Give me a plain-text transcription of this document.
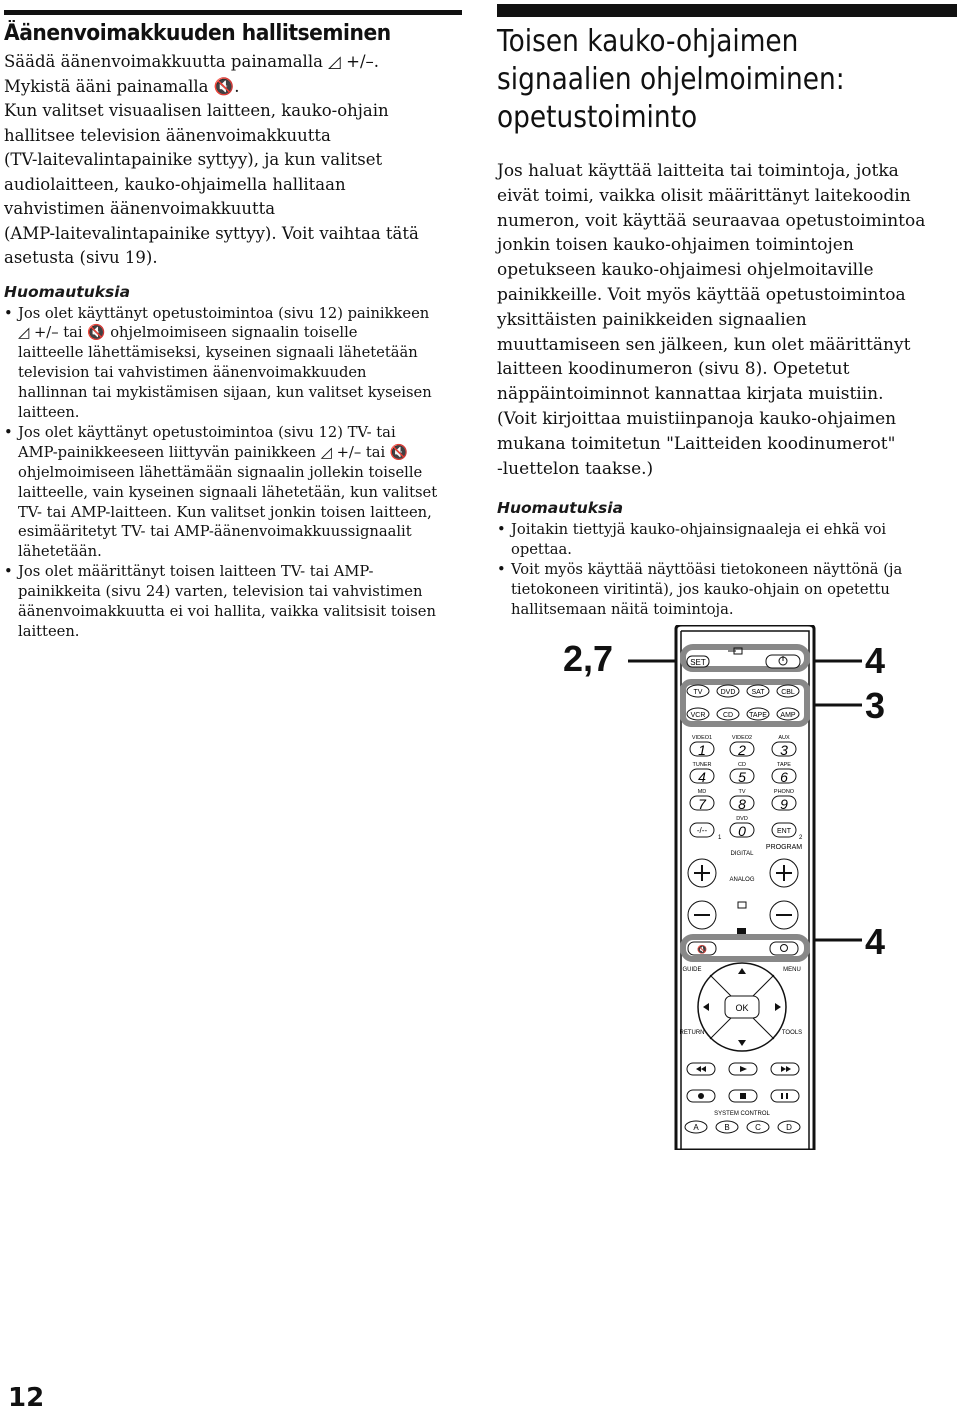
Äänenvoimakkuuden hallitseminen
Säädä äänenvoimakkuutta painamalla ◿ +/–.
Mykistä ääni painamalla 🔇.
Kun valitset visuaalisen laitteen, kauko-ohjain
hallitsee television äänenvoimakkuutta
(TV-laitevalintapainike syttyy), ja kun valitset
audiolaitteen, kauko-ohjaimella hallitaan
vahvistimen äänenvoimakkuutta
(AMP-laitevalintapainike syttyy). Voit vaihtaa tätä
asetusta (sivu 19).
Huomautuksia
• Jos olet käyttänyt opetustoimintoa (sivu 12) painikkeen
◿ +/– tai 🔇 ohjelmoimiseen signaalin toiselle
laitteelle lähettämiseksi, kyseinen signaali lähetetään
television tai vahvistimen äänenvoimakkuuden
hallinnan tai mykistämisen sijaan, kun valitset kyseisen
laitteen.
• Jos olet käyttänyt opetustoimintoa (sivu 12) TV- tai
AMP-painikkeeseen liittyvän painikkeen ◿ +/– tai 🔇
ohjelmoimiseen lähettämään signaalin jollekin toiselle
laitteelle, vain kyseinen signaali lähetetään, kun valitset
TV- tai AMP-laitteen. Kun valitset jonkin toisen laitteen,
esimääritetyt TV- tai AMP-äänenvoimakkuussignaalit
lähetetään.
• Jos olet määrittänyt toisen laitteen TV- tai AMP-
painikkeita (sivu 24) varten, television tai vahvistimen
äänenvoimakkuutta ei voi hallita, vaikka valitsisit toisen
laitteen.
Toisen kauko-ohjaimen
signaalien ohjelmoiminen:
opetustoiminto
Jos haluat käyttää laitteita tai toimintoja, jotka
eivät toimi, vaikka olisit määrittänyt laitekoodin
numeron, voit käyttää seuraavaa opetustoimintoa
jonkin toisen kauko-ohjaimen toimintojen
opetukseen kauko-ohjaimesi ohjelmoitaville
painikkeille. Voit myös käyttää opetustoimintoa
yksittäisten painikkeiden signaalien
muuttamiseen sen jälkeen, kun olet määrittänyt
laitteen koodinumeron (sivu 8). Opetetut
näppäintoiminnot kannattaa kirjata muistiin.
(Voit kirjoittaa muistiinpanoja kauko-ohjaimen
mukana toimitetun "Laitteiden koodinumerot"
-luettelon taakse.)
Huomautuksia
• Joitakin tiettyjä kauko-ohjainsignaaleja ei ehkä voi
opettaa.
• Voit myös käyttää näyttöäsi tietokoneen näyttönä (ja
tietokoneen viritintä), jos kauko-ohjain on opetettu
hallitsemaan näitä toimintoja.
2,7	4
3
4
SET
TV	DVD SAT CBL
VCR	CD TAPE AMP
VIDEO1	VIDEO2	AUX
TUNER	CD	TAPE
MD	TV	PHONO
DVD
1 2 3
4 5 6
7 8 9
0
-/--	ENT
1	2
DIGITAL
PROGRAM
ANALOG
🔇
GUIDE	MENU
OK
RETURN	TOOLS
SYSTEM CONTROL
A	B	C	D
12
